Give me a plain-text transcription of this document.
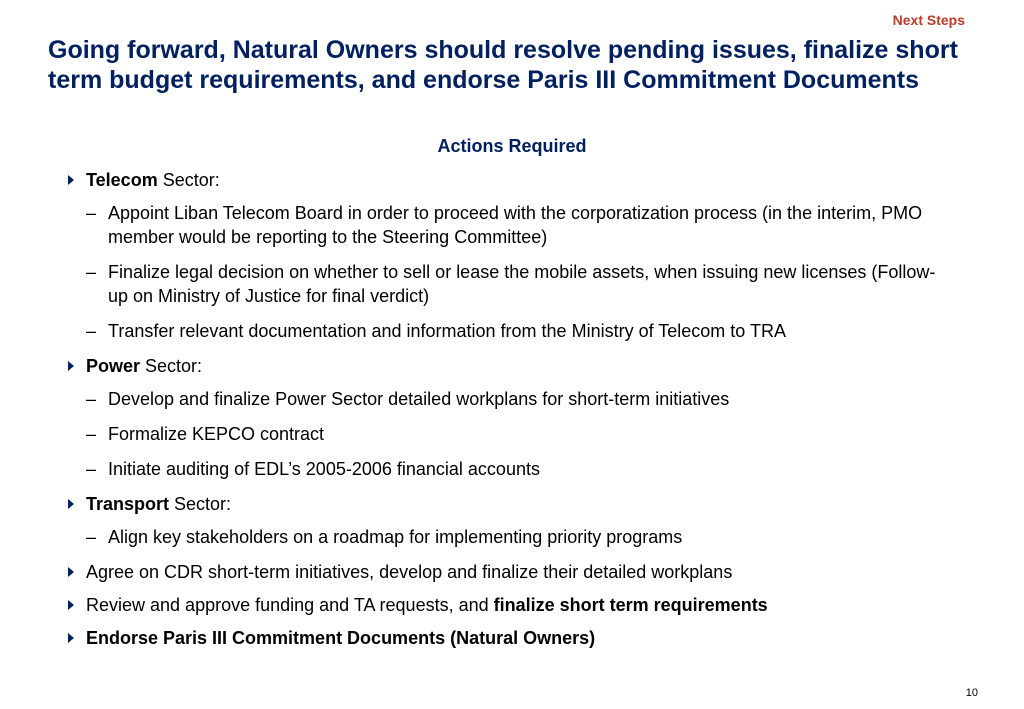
Next Steps
Going forward, Natural Owners should resolve pending issues, finalize short term budget requirements, and endorse Paris III Commitment Documents
Actions Required
Telecom Sector:
– Appoint Liban Telecom Board in order to proceed with the corporatization process (in the interim, PMO member would be reporting to the Steering Committee)
– Finalize legal decision on whether to sell or lease the mobile assets, when issuing new licenses (Follow-up on Ministry of Justice for final verdict)
– Transfer relevant documentation and information from the Ministry of Telecom to TRA
Power Sector:
– Develop and finalize Power Sector detailed workplans for short-term initiatives
– Formalize KEPCO contract
– Initiate auditing of EDL’s 2005-2006 financial accounts
Transport Sector:
– Align key stakeholders on a roadmap for implementing priority programs
Agree on CDR short-term initiatives, develop and finalize their detailed workplans
Review and approve funding and TA requests, and finalize short term requirements
Endorse Paris III Commitment Documents (Natural Owners)
10
